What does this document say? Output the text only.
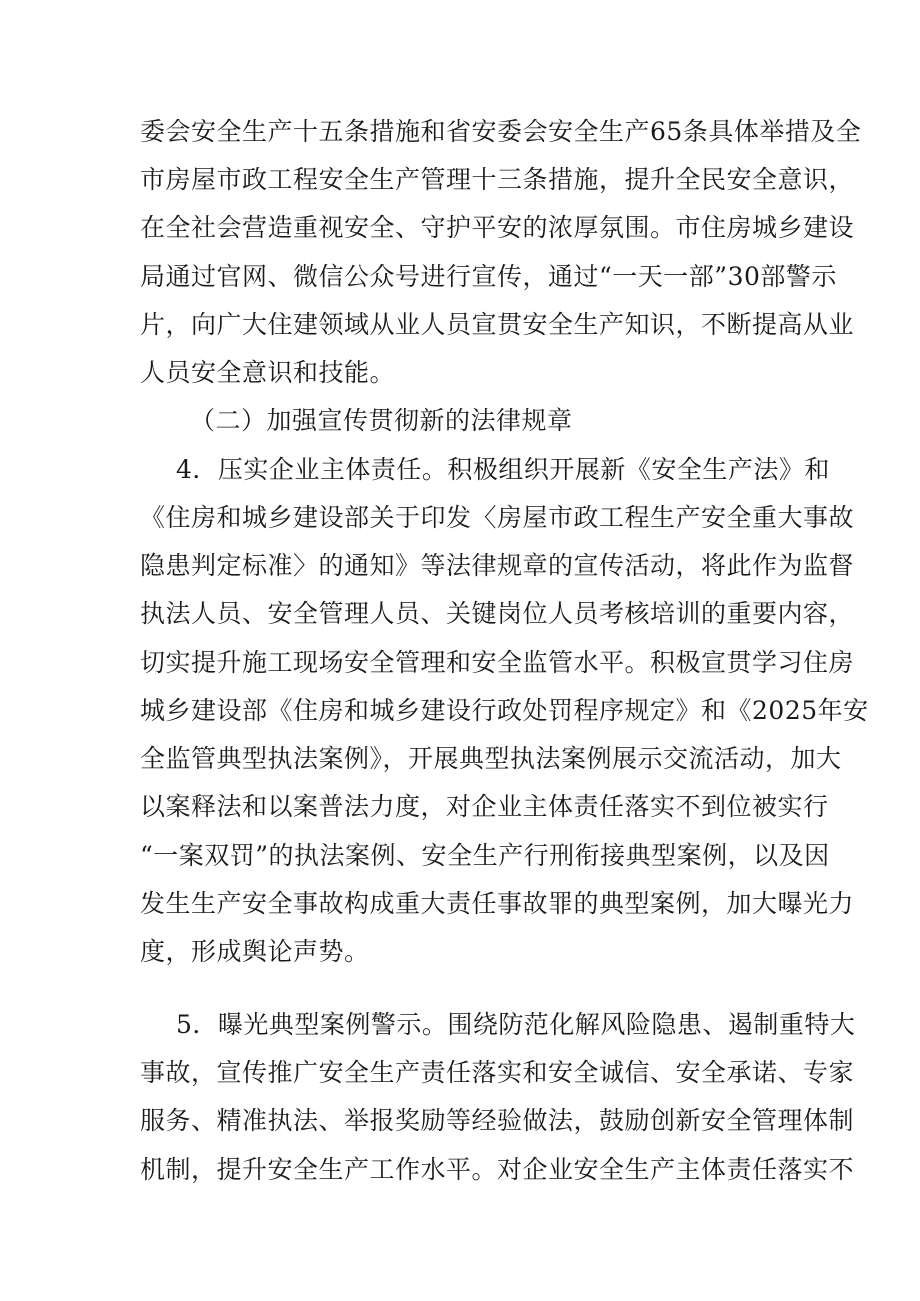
委会安全生产十五条措施和省安委会安全生产65条具体举措及全
市房屋市政工程安全生产管理十三条措施，提升全民安全意识，
在全社会营造重视安全、守护平安的浓厚氛围。市住房城乡建设
局通过官网、微信公众号进行宣传，通过“一天一部”30部警示
片，向广大住建领域从业人员宣贯安全生产知识，不断提高从业
人员安全意识和技能。
（二）加强宣传贯彻新的法律规章
4．压实企业主体责任。积极组织开展新《安全生产法》和
《住房和城乡建设部关于印发〈房屋市政工程生产安全重大事故
隐患判定标准〉的通知》等法律规章的宣传活动，将此作为监督
执法人员、安全管理人员、关键岗位人员考核培训的重要内容，
切实提升施工现场安全管理和安全监管水平。积极宣贯学习住房
城乡建设部《住房和城乡建设行政处罚程序规定》和《2025年安
全监管典型执法案例》，开展典型执法案例展示交流活动，加大
以案释法和以案普法力度，对企业主体责任落实不到位被实行
“一案双罚”的执法案例、安全生产行刑衔接典型案例，以及因
发生生产安全事故构成重大责任事故罪的典型案例，加大曝光力
度，形成舆论声势。
5．曝光典型案例警示。围绕防范化解风险隐患、遏制重特大
事故，宣传推广安全生产责任落实和安全诚信、安全承诺、专家
服务、精准执法、举报奖励等经验做法，鼓励创新安全管理体制
机制，提升安全生产工作水平。对企业安全生产主体责任落实不
